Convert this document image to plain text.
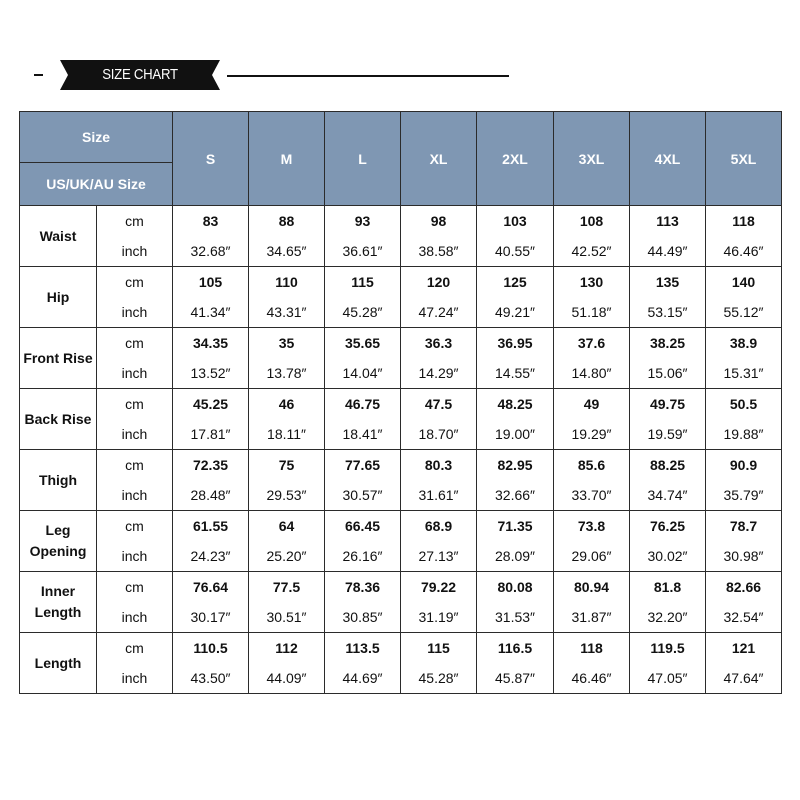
SIZE CHART
Size		S	M	L	XL	2XL	3XL	4XL	5XL
US/UK/AU Size									
Waist	cm	83	88	93	98	103	108	113	118
	inch	32.68″	34.65″	36.61″	38.58″	40.55″	42.52″	44.49″	46.46″
Hip	cm	105	110	115	120	125	130	135	140
	inch	41.34″	43.31″	45.28″	47.24″	49.21″	51.18″	53.15″	55.12″
Front Rise	cm	34.35	35	35.65	36.3	36.95	37.6	38.25	38.9
	inch	13.52″	13.78″	14.04″	14.29″	14.55″	14.80″	15.06″	15.31″
Back Rise	cm	45.25	46	46.75	47.5	48.25	49	49.75	50.5
	inch	17.81″	18.11″	18.41″	18.70″	19.00″	19.29″	19.59″	19.88″
Thigh	cm	72.35	75	77.65	80.3	82.95	85.6	88.25	90.9
	inch	28.48″	29.53″	30.57″	31.61″	32.66″	33.70″	34.74″	35.79″
Leg
Opening	cm	61.55	64	66.45	68.9	71.35	73.8	76.25	78.7
	inch	24.23″	25.20″	26.16″	27.13″	28.09″	29.06″	30.02″	30.98″
Inner
Length	cm	76.64	77.5	78.36	79.22	80.08	80.94	81.8	82.66
	inch	30.17″	30.51″	30.85″	31.19″	31.53″	31.87″	32.20″	32.54″
Length	cm	110.5	112	113.5	115	116.5	118	119.5	121
	inch	43.50″	44.09″	44.69″	45.28″	45.87″	46.46″	47.05″	47.64″
